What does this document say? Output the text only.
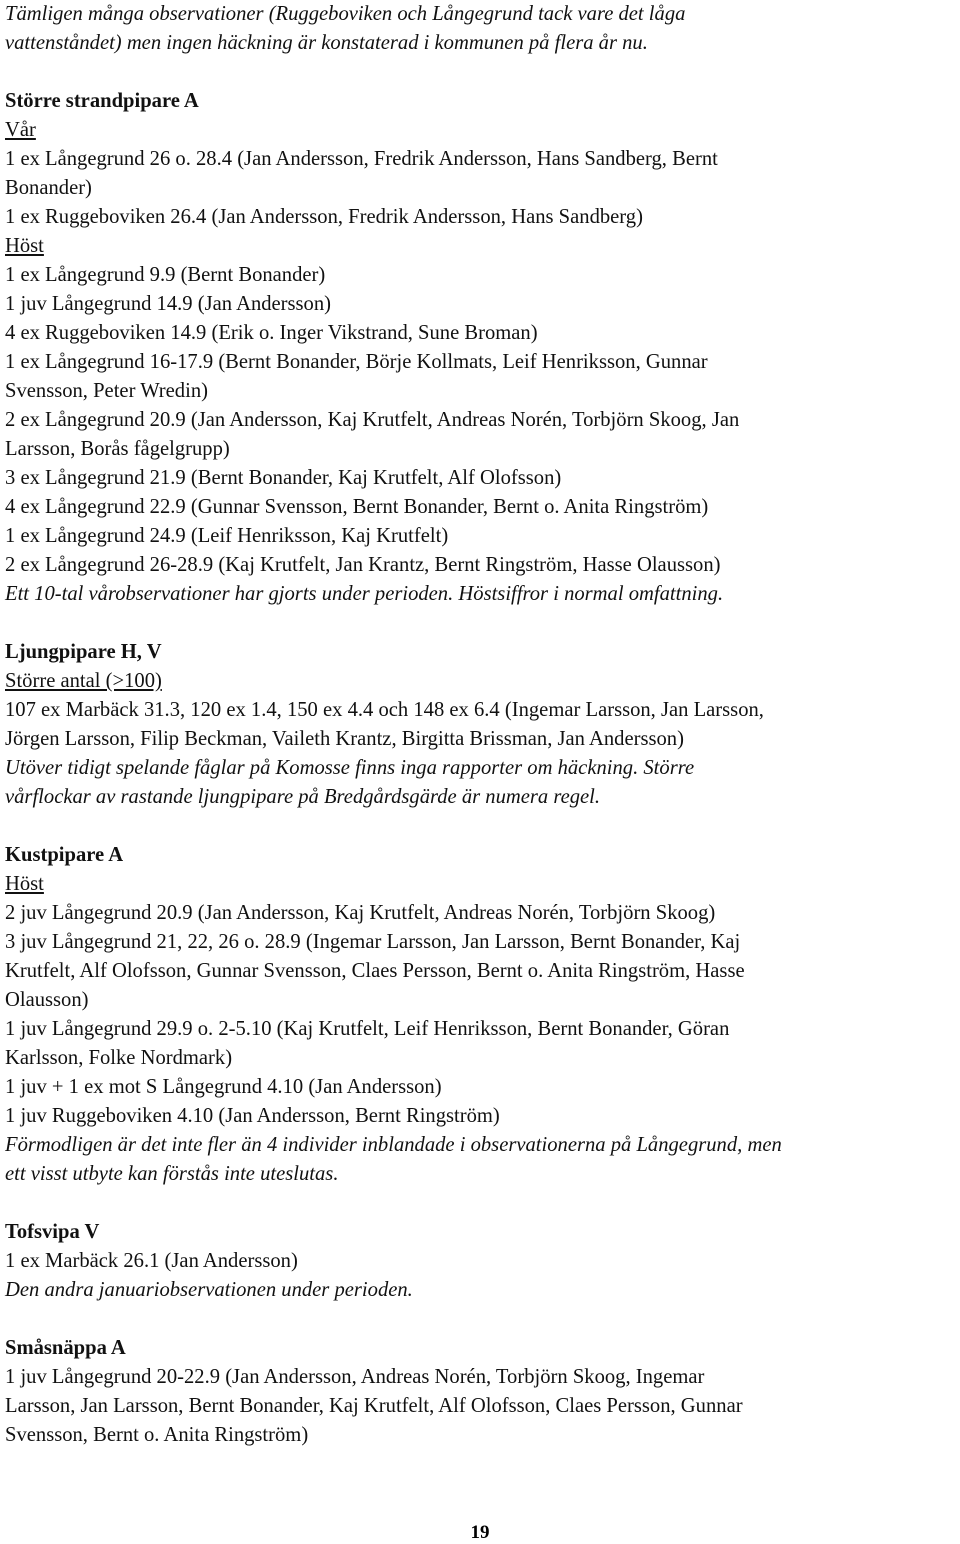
Tämligen många observationer (Ruggeboviken och Långegrund tack vare det låga
vattenståndet) men ingen häckning är konstaterad i kommunen på flera år nu.
Större strandpipare A
Vår
1 ex Långegrund 26 o. 28.4 (Jan Andersson, Fredrik Andersson, Hans Sandberg, Bernt
Bonander)
1 ex Ruggeboviken 26.4 (Jan Andersson, Fredrik Andersson, Hans Sandberg)
Höst
1 ex Långegrund 9.9 (Bernt Bonander)
1 juv Långegrund 14.9 (Jan Andersson)
4 ex Ruggeboviken 14.9 (Erik o. Inger Vikstrand, Sune Broman)
1 ex Långegrund 16-17.9 (Bernt Bonander, Börje Kollmats, Leif Henriksson, Gunnar
Svensson, Peter Wredin)
2 ex Långegrund 20.9 (Jan Andersson, Kaj Krutfelt, Andreas Norén, Torbjörn Skoog, Jan
Larsson, Borås fågelgrupp)
3 ex Långegrund 21.9 (Bernt Bonander, Kaj Krutfelt, Alf Olofsson)
4 ex Långegrund 22.9 (Gunnar Svensson, Bernt Bonander, Bernt o. Anita Ringström)
1 ex Långegrund 24.9 (Leif Henriksson, Kaj Krutfelt)
2 ex Långegrund 26-28.9 (Kaj Krutfelt, Jan Krantz, Bernt Ringström, Hasse Olausson)
Ett 10-tal vårobservationer har gjorts under perioden. Höstsiffror i normal omfattning.
Ljungpipare H, V
Större antal (>100)
107 ex Marbäck 31.3, 120 ex 1.4, 150 ex 4.4 och 148 ex 6.4 (Ingemar Larsson, Jan Larsson,
Jörgen Larsson, Filip Beckman, Vaileth Krantz, Birgitta Brissman, Jan Andersson)
Utöver tidigt spelande fåglar på Komosse finns inga rapporter om häckning. Större
vårflockar av rastande ljungpipare på Bredgårdsgärde är numera regel.
Kustpipare A
Höst
2 juv Långegrund 20.9 (Jan Andersson, Kaj Krutfelt, Andreas Norén, Torbjörn Skoog)
3 juv Långegrund 21, 22, 26 o. 28.9 (Ingemar Larsson, Jan Larsson, Bernt Bonander, Kaj
Krutfelt, Alf Olofsson, Gunnar Svensson, Claes Persson, Bernt o. Anita Ringström, Hasse
Olausson)
1 juv Långegrund 29.9 o. 2-5.10 (Kaj Krutfelt, Leif Henriksson, Bernt Bonander, Göran
Karlsson, Folke Nordmark)
1 juv + 1 ex mot S Långegrund 4.10 (Jan Andersson)
1 juv Ruggeboviken 4.10 (Jan Andersson, Bernt Ringström)
Förmodligen är det inte fler än 4 individer inblandade i observationerna på Långegrund, men
ett visst utbyte kan förstås inte uteslutas.
Tofsvipa V
1 ex Marbäck 26.1 (Jan Andersson)
Den andra januariobservationen under perioden.
Småsnäppa A
1 juv Långegrund 20-22.9 (Jan Andersson, Andreas Norén, Torbjörn Skoog, Ingemar
Larsson, Jan Larsson, Bernt Bonander, Kaj Krutfelt, Alf Olofsson, Claes Persson, Gunnar
Svensson, Bernt o. Anita Ringström)
19
